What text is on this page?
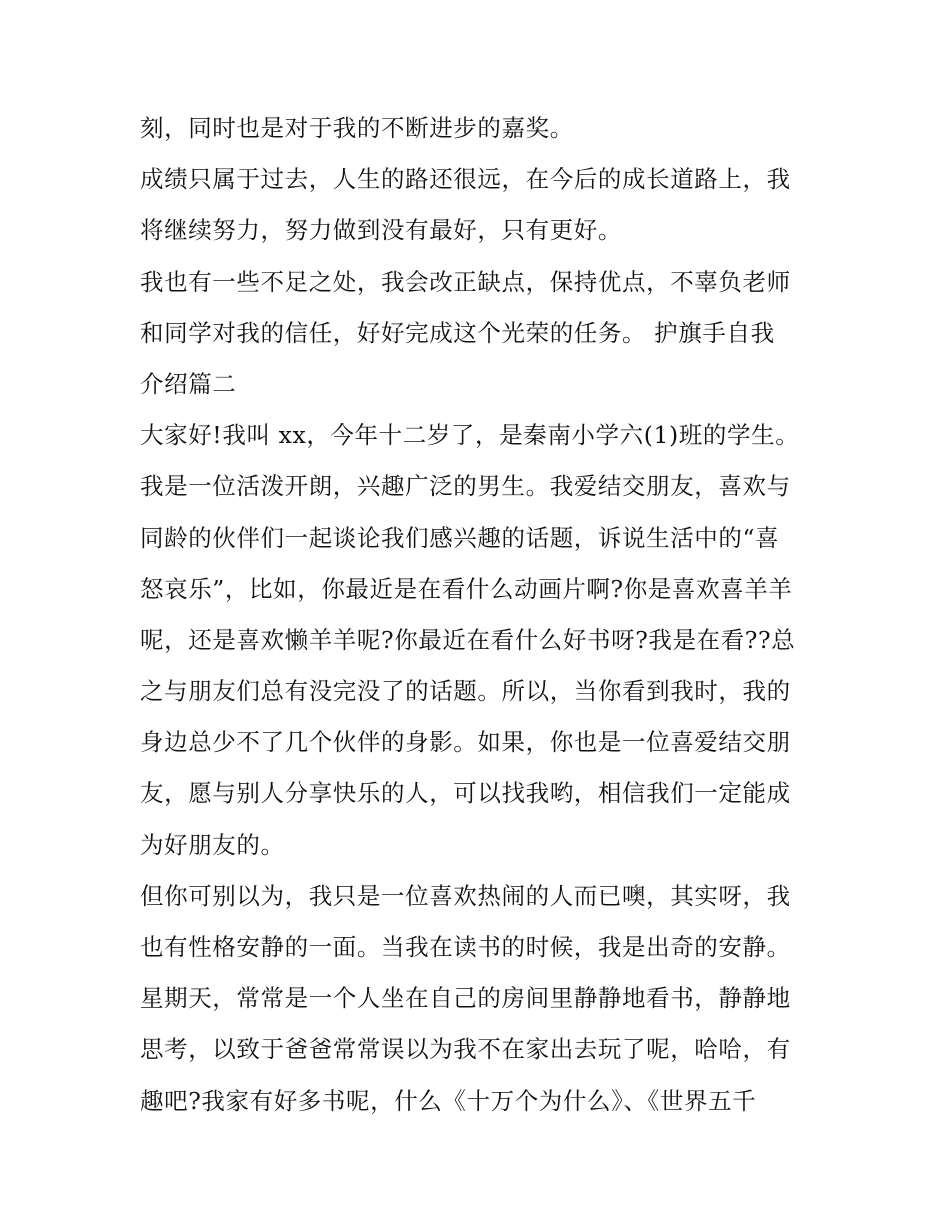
刻，同时也是对于我的不断进步的嘉奖。
成绩只属于过去，人生的路还很远，在今后的成长道路上，我
将继续努力，努力做到没有最好，只有更好。
我也有一些不足之处，我会改正缺点，保持优点，不辜负老师
和同学对我的信任，好好完成这个光荣的任务。 护旗手自我
介绍篇二
大家好!我叫 xx，今年十二岁了，是秦南小学六(1)班的学生。
我是一位活泼开朗，兴趣广泛的男生。我爱结交朋友，喜欢与
同龄的伙伴们一起谈论我们感兴趣的话题，诉说生活中的“喜
怒哀乐”，比如，你最近是在看什么动画片啊?你是喜欢喜羊羊
呢，还是喜欢懒羊羊呢?你最近在看什么好书呀?我是在看??总
之与朋友们总有没完没了的话题。所以，当你看到我时，我的
身边总少不了几个伙伴的身影。如果，你也是一位喜爱结交朋
友，愿与别人分享快乐的人，可以找我哟，相信我们一定能成
为好朋友的。
但你可别以为，我只是一位喜欢热闹的人而已噢，其实呀，我
也有性格安静的一面。当我在读书的时候，我是出奇的安静。
星期天，常常是一个人坐在自己的房间里静静地看书，静静地
思考，以致于爸爸常常误以为我不在家出去玩了呢，哈哈，有
趣吧?我家有好多书呢，什么《十万个为什么》、《世界五千
